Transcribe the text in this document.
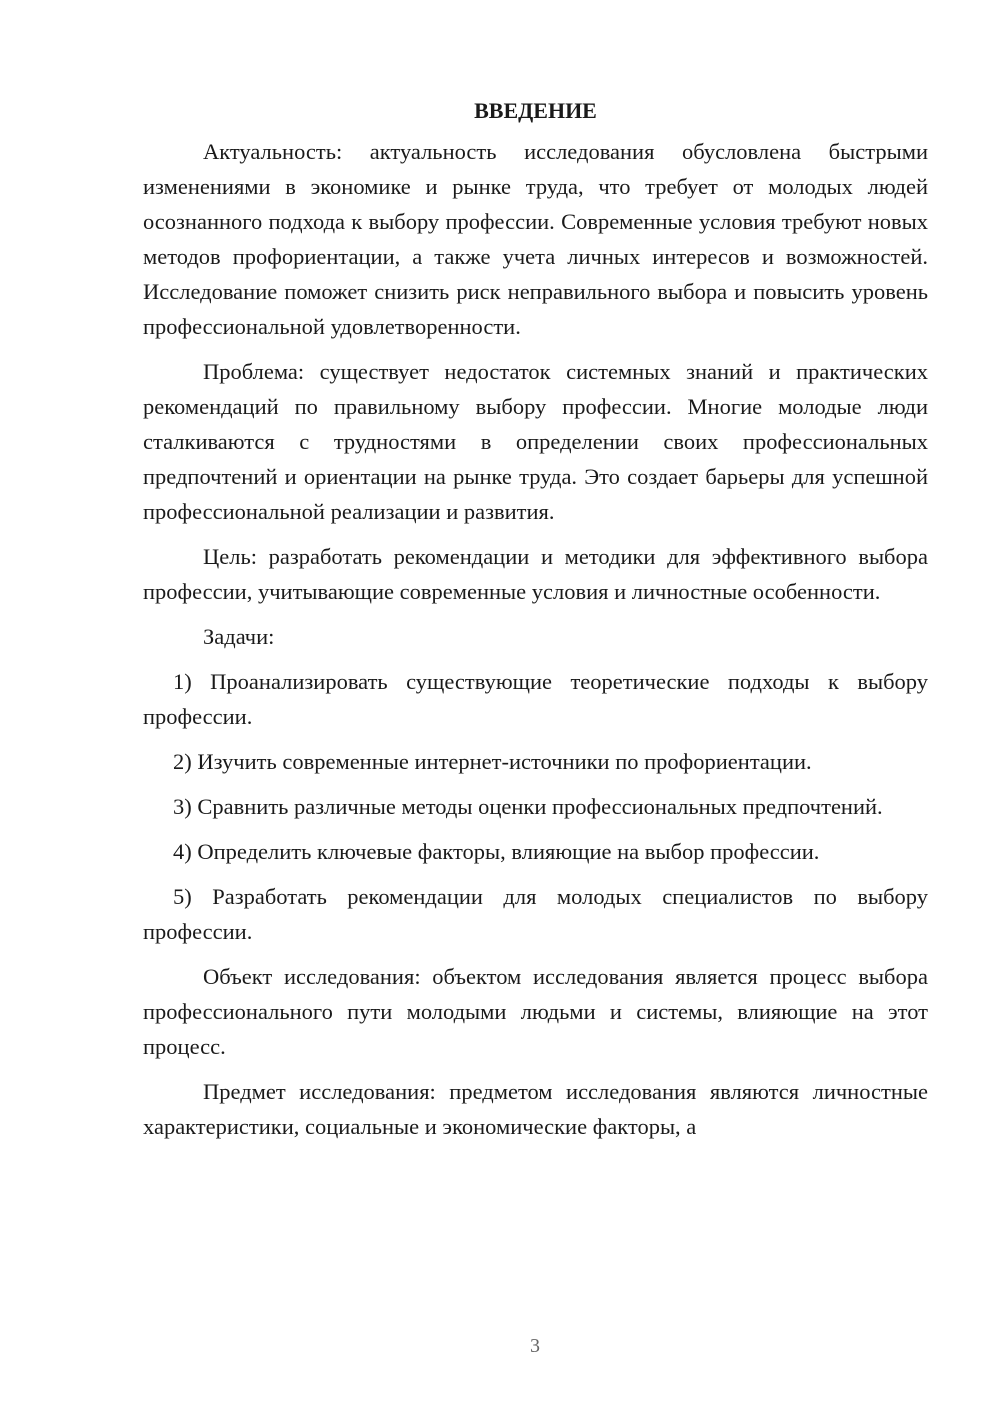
ВВЕДЕНИЕ

Актуальность: актуальность исследования обусловлена быстрыми изменениями в экономике и рынке труда, что требует от молодых людей осознанного подхода к выбору профессии. Современные условия требуют новых методов профориентации, а также учета личных интересов и возможностей. Исследование поможет снизить риск неправильного выбора и повысить уровень профессиональной удовлетворенности.

Проблема: существует недостаток системных знаний и практических рекомендаций по правильному выбору профессии. Многие молодые люди сталкиваются с трудностями в определении своих профессиональных предпочтений и ориентации на рынке труда. Это создает барьеры для успешной профессиональной реализации и развития.

Цель: разработать рекомендации и методики для эффективного выбора профессии, учитывающие современные условия и личностные особенности.

Задачи:

1) Проанализировать существующие теоретические подходы к выбору профессии.

2) Изучить современные интернет-источники по профориентации.

3) Сравнить различные методы оценки профессиональных предпочтений.

4) Определить ключевые факторы, влияющие на выбор профессии.

5) Разработать рекомендации для молодых специалистов по выбору профессии.

Объект исследования: объектом исследования является процесс выбора профессионального пути молодыми людьми и системы, влияющие на этот процесс.

Предмет исследования: предметом исследования являются личностные характеристики, социальные и экономические факторы, а

3
